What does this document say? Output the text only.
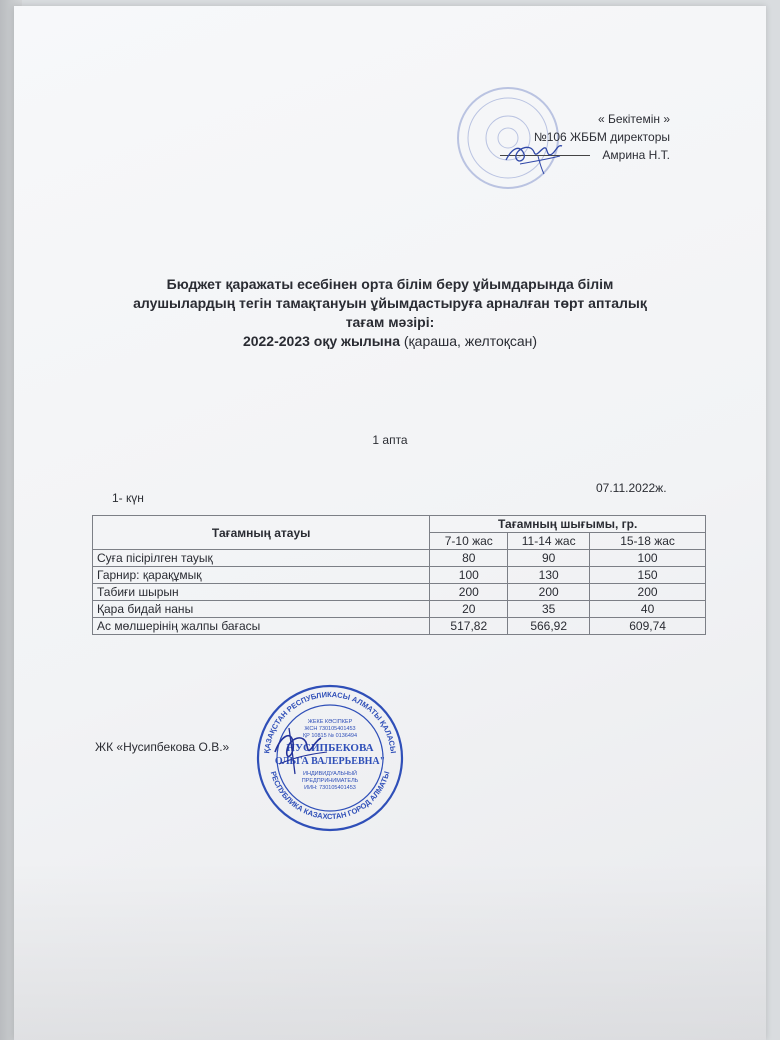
« Бекітемін »
№106 ЖББМ директоры
Амрина Н.Т.
Бюджет қаражаты есебінен орта білім беру ұйымдарында білім
алушылардың тегін тамақтануын ұйымдастыруға арналған төрт апталық
тағам мәзірі:
2022-2023 оқу жылына (қараша, желтоқсан)
1 апта
1- күн
07.11.2022ж.
Тағамның атауы	Тағамның шығымы, гр.		
	7-10 жас	11-14 жас	15-18 жас
Суға пісірілген тауық	80	90	100
Гарнир: қарақұмық	100	130	150
Табиғи шырын	200	200	200
Қара бидай наны	20	35	40
Ас мөлшерінің жалпы бағасы	517,82	566,92	609,74
ЖК «Нусипбекова О.В.»	ҚАЗАҚСТАН РЕСПУБЛИКАСЫ АЛМАТЫ ҚАЛАСЫ
РЕСПУБЛИКА КАЗАХСТАН ГОРОД АЛМАТЫ
ЖЕКЕ КӘСІПКЕР
ЖСН 730105401453
ҚР 10815 № 0136494
НУСИПБЕКОВА
ОЛЬГА ВАЛЕРЬЕВНА"
ИНДИВИДУАЛЬНЫЙ
ПРЕДПРИНИМАТЕЛЬ
ИИН: 730105401453
